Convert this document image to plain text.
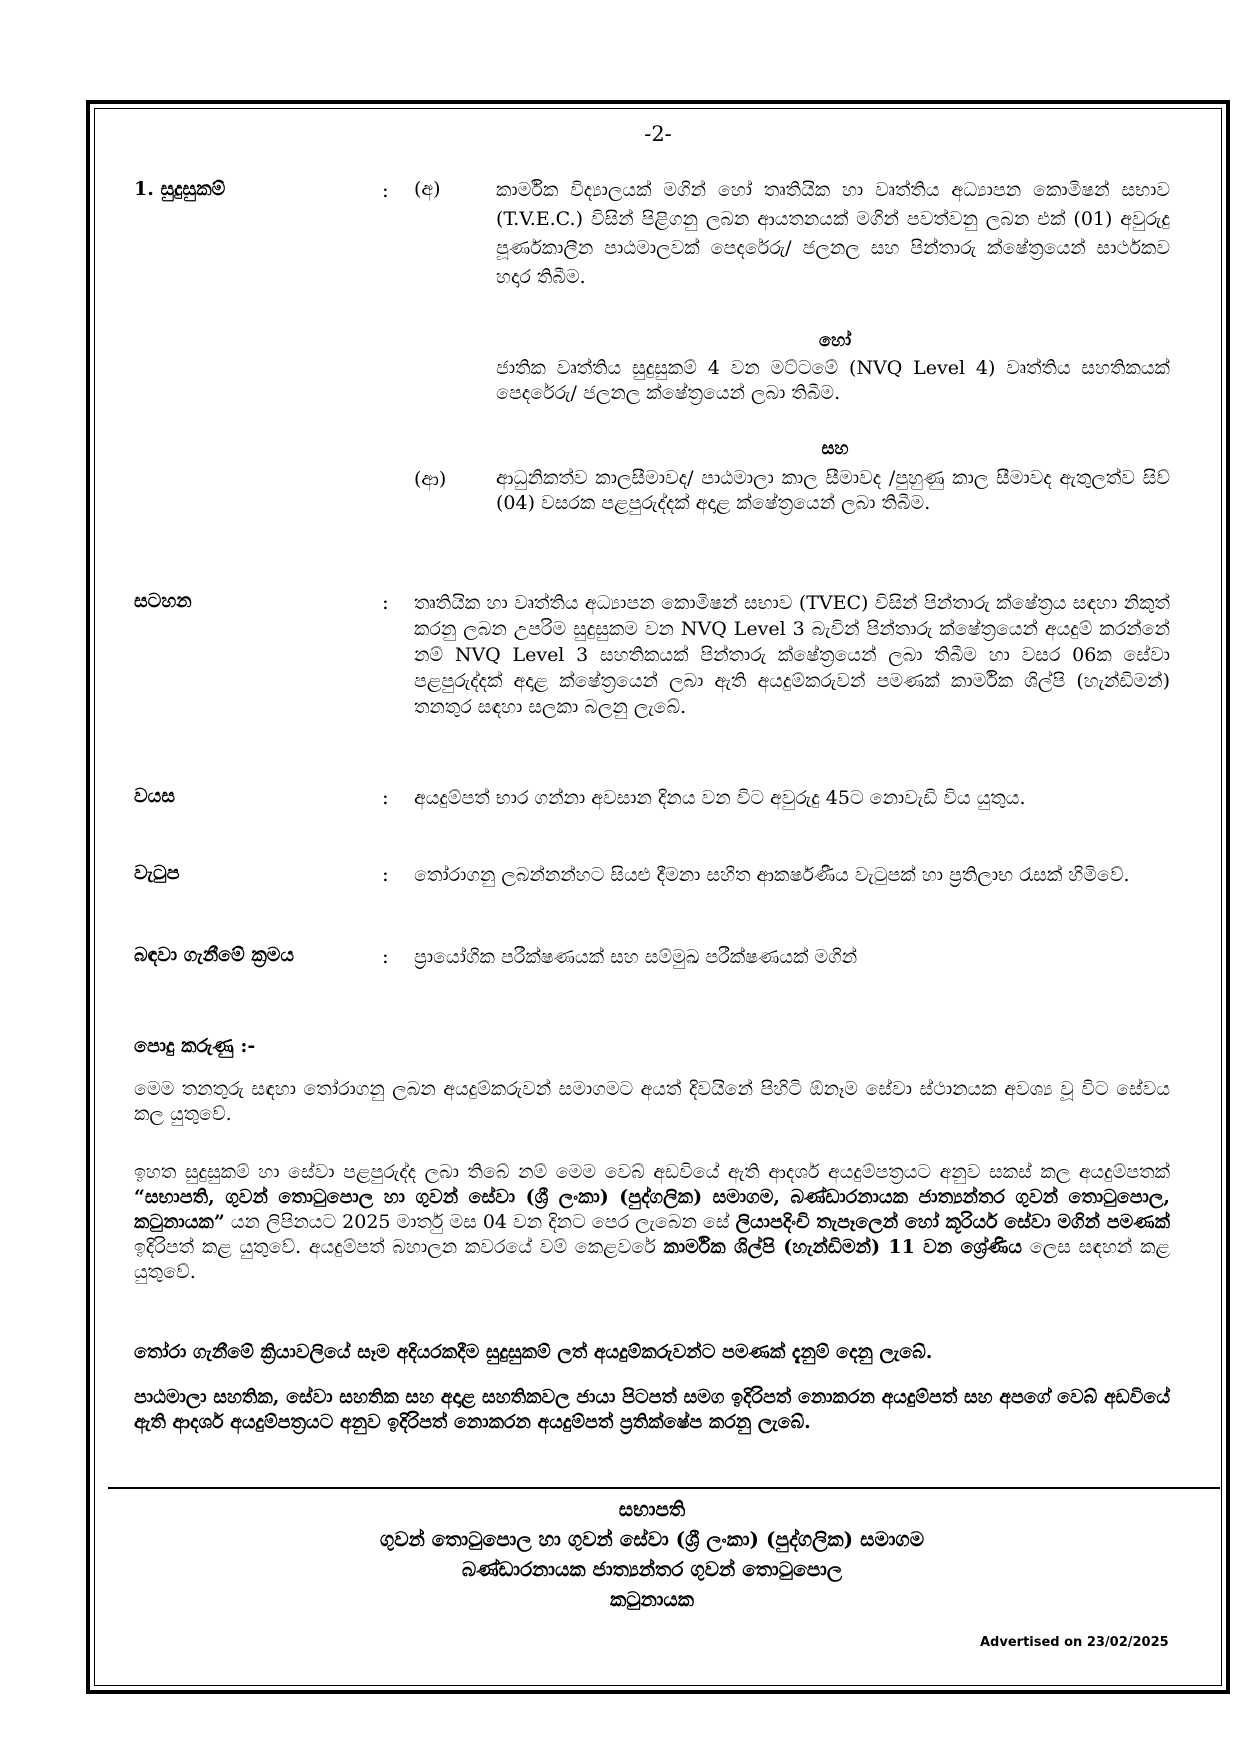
-2-
1. සුදුසුකම්	: (අ)	කාර්මික විද්‍යාලයක් මගින් හෝ තෘතියික හා වෘත්තිය අධ්‍යාපන කොමිෂන් සභාව (T.V.E.C.) විසින් පිළිගනු ලබන ආයතනයක් මගින් පවත්වනු ලබන එක් (01) අවුරුදු පූර්ණකාලීන පාඨමාලවක් පෙදරේරු/ ජලනල සහ පින්තාරු ක්ෂේත්‍රයෙන් සාර්ථකව හදාර තිබීම.
හෝ
ජාතික වෘත්තිය සුදුසුකම් 4 වන මට්ටමේ (NVQ Level 4) වෘත්තිය සහතිකයක් පෙදරේරු/ ජලනල ක්ෂේත්‍රයෙන් ලබා තිබීම.
සහ
(ආ)	ආධුනිකත්ව කාලසීමාවද/ පාඨමාලා කාල සීමාවද /පුහුණු කාල සීමාවද ඇතුලත්ව සිව් (04) වසරක පළපුරුද්දක් අදාළ ක්ෂේත්‍රයෙන් ලබා තිබීම.
සටහන	: තෘතියික හා වෘත්තිය අධ්‍යාපන කොමිෂන් සභාව (TVEC) විසින් පින්තාරු ක්ෂේත්‍රය සඳහා නිකුත් කරනු ලබන උපරිම සුදුසුකම වන NVQ Level 3 බැවින් පින්තාරු ක්ෂේත්‍රයෙන් අයදුම් කරන්නේ නම් NVQ Level 3 සහතිකයක් පින්තාරු ක්ෂේත්‍රයෙන් ලබා තිබීම හා වසර 06ක සේවා පළපුරුද්දක් අදාළ ක්ෂේත්‍රයෙන් ලබා ඇති අයදුම්කරුවන් පමණක් කාර්මික ශිල්පි (හැන්ඩිමන්) තනතුර සඳහා සලකා බලනු ලැබේ.
වයස	: අයදුම්පත් භාර ගන්නා අවසාන දිනය වන විට අවුරුදු 45ට නොවැඩි විය යුතුය.
වැටුප	: තෝරාගනු ලබන්නන්හට සියළු දීමනා සහිත ආකර්ෂණීය වැටුපක් හා ප්‍රතිලාභ රැසක් හිමිවේ.
බඳවා ගැනීමේ ක්‍රමය	: ප්‍රායෝගික පරීක්ෂණයක් සහ සම්මුඛ පරීක්ෂණයක් මගින්
පොදු කරුණු :-
මෙම තනතුරු සඳහා තෝරාගනු ලබන අයදුම්කරුවන් සමාගමට අයත් දිවයිනේ පිහිටි ඕනෑම සේවා ස්ථානයක අවශ්‍ය වූ විට සේවය කල යුතුවේ.
ඉහත සුදුසුකම් හා සේවා පළපුරුද්ද ලබා තිබේ නම් මෙම වෙබ් අඩවියේ ඇති ආදර්ශ අයදුම්පත්‍රයට අනුව සකස් කල අයදුම්පතක් “සභාපති, ගුවන් තොටුපොල හා ගුවන් සේවා (ශ්‍රී ලංකා) (පුද්ගලික) සමාගම, බණ්ඩාරනායක ජාත්‍යන්තර ගුවන් තොටුපොල, කටුනායක” යන ලිපිනයට 2025 මාර්තු මස 04 වන දිනට පෙර ලැබෙන සේ ලියාපදිංචි තැපෑලෙන් හෝ කූරියර් සේවා මගින් පමණක් ඉදිරිපත් කළ යුතුවේ. අයදුම්පත් බහාලන කවරයේ වම් කෙළවරේ කාර්මික ශිල්පි (හැන්ඩිමන්) 11 වන ශ්‍රේණිය ලෙස සඳහන් කළ යුතුවේ.
තෝරා ගැනීමේ ක්‍රියාවලියේ සෑම අදියරකදීම සුදුසුකම් ලත් අයදුම්කරුවන්ට පමණක් දැනුම් දෙනු ලැබේ.
පාඨමාලා සහතික, සේවා සහතික සහ අදාළ සහතිකවල ජායා පිටපත් සමග ඉදිරිපත් නොකරන අයදුම්පත් සහ අපගේ වෙබ් අඩවියේ ඇති ආදර්ශ අයදුම්පත්‍රයට අනුව ඉදිරිපත් නොකරන අයදුම්පත් ප්‍රතික්ෂේප කරනු ලැබේ.
සභාපති
ගුවන් තොටුපොල හා ගුවන් සේවා (ශ්‍රී ලංකා) (පුද්ගලික) සමාගම
බණ්ඩාරනායක ජාත්‍යන්තර ගුවන් තොටුපොල
කටුනායක
Advertised on 23/02/2025
